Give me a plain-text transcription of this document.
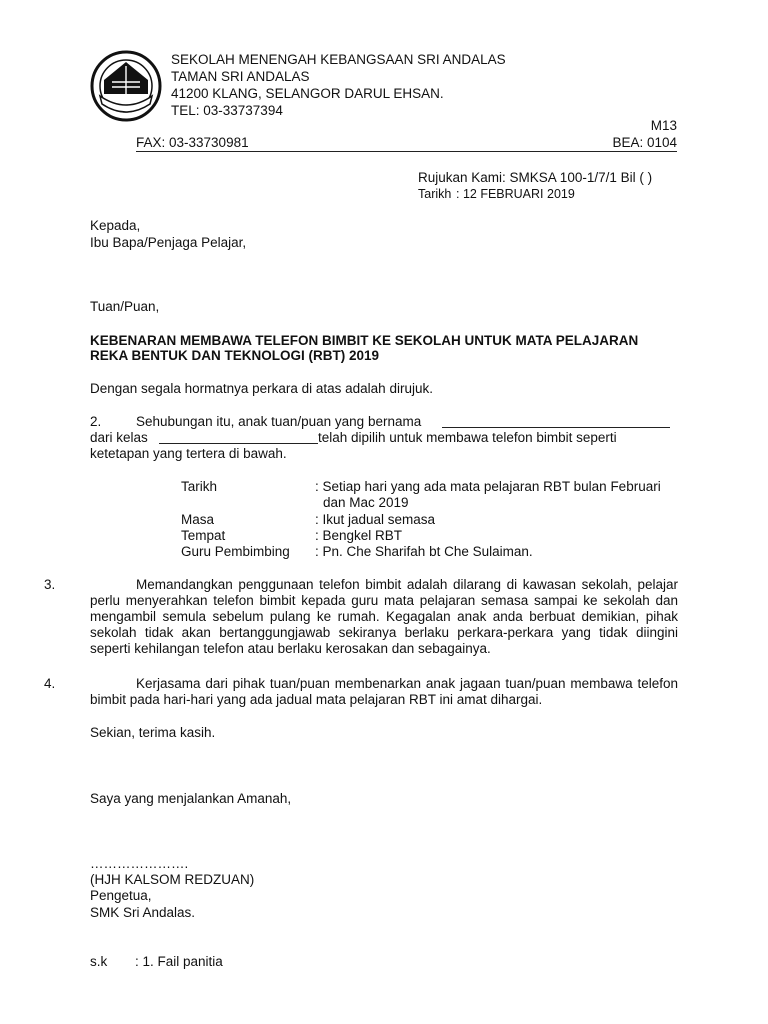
SEKOLAH MENENGAH KEBANGSAAN SRI ANDALAS
TAMAN SRI ANDALAS
41200 KLANG, SELANGOR DARUL EHSAN.
TEL: 03-33737394
M13
FAX: 03-33730981	BEA: 0104
Rujukan Kami: SMKSA 100-1/7/1 Bil ( )
Tarikh : 12 FEBRUARI 2019
Kepada,
Ibu Bapa/Penjaga Pelajar,
Tuan/Puan,
KEBENARAN MEMBAWA TELEFON BIMBIT KE SEKOLAH UNTUK MATA PELAJARAN
REKA BENTUK DAN TEKNOLOGI (RBT) 2019
Dengan segala hormatnya perkara di atas adalah dirujuk.
2.	Sehubungan itu, anak tuan/puan yang bernama
dari kelas	telah dipilih untuk membawa telefon bimbit seperti
ketetapan yang tertera di bawah.
Tarikh	: Setiap hari yang ada mata pelajaran RBT bulan Februari
dan Mac 2019
Masa	: Ikut jadual semasa
Tempat	: Bengkel RBT
Guru Pembimbing : Pn. Che Sharifah bt Che Sulaiman.
3.	Memandangkan penggunaan telefon bimbit adalah dilarang di kawasan sekolah, pelajar perlu menyerahkan telefon bimbit kepada guru mata pelajaran semasa sampai ke sekolah dan mengambil semula sebelum pulang ke rumah. Kegagalan anak anda berbuat demikian, pihak sekolah tidak akan bertanggungjawab sekiranya berlaku perkara-perkara yang tidak diingini seperti kehilangan telefon atau berlaku kerosakan dan sebagainya.
4.	Kerjasama dari pihak tuan/puan membenarkan anak jagaan tuan/puan membawa telefon bimbit pada hari-hari yang ada jadual mata pelajaran RBT ini amat dihargai.
Sekian, terima kasih.
Saya yang menjalankan Amanah,
………………….
(HJH KALSOM REDZUAN)
Pengetua,
SMK Sri Andalas.
s.k : 1. Fail panitia
